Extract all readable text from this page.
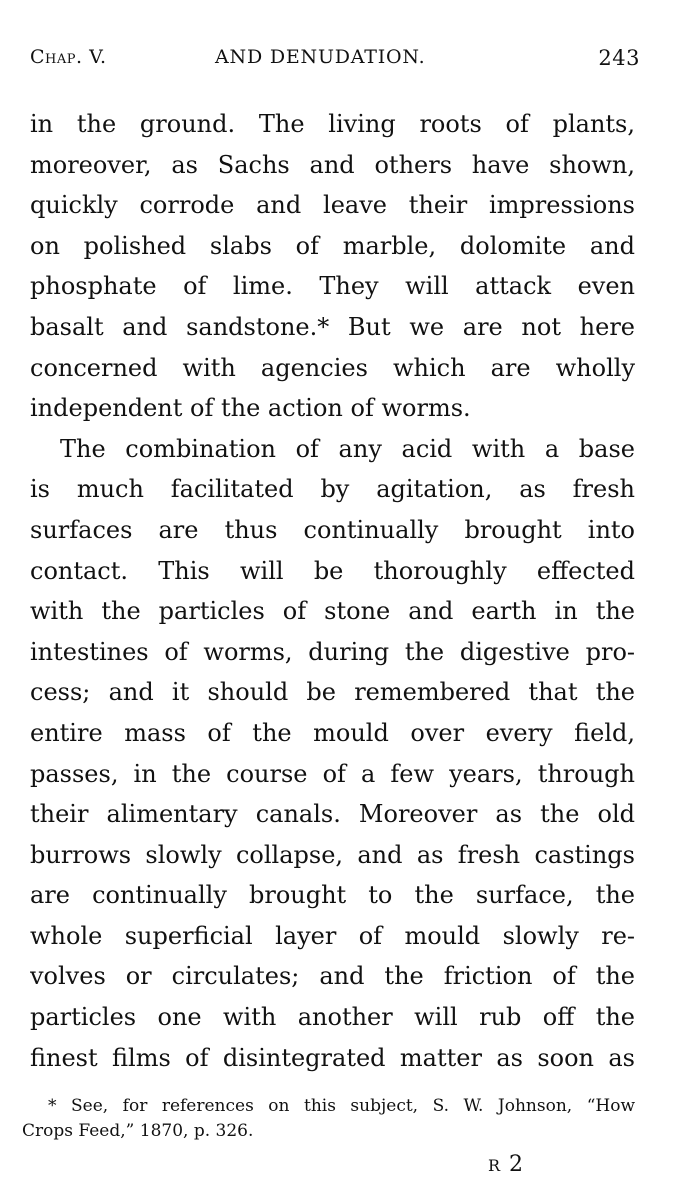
Chap. V.	AND DENUDATION.	243
in the ground. The living roots of plants,
moreover, as Sachs and others have shown,
quickly corrode and leave their impressions
on polished slabs of marble, dolomite and
phosphate of lime. They will attack even
basalt and sandstone.* But we are not here
concerned with agencies which are wholly
independent of the action of worms.
The combination of any acid with a base
is much facilitated by agitation, as fresh
surfaces are thus continually brought into
contact. This will be thoroughly effected
with the particles of stone and earth in the
intestines of worms, during the digestive pro-
cess; and it should be remembered that the
entire mass of the mould over every field,
passes, in the course of a few years, through
their alimentary canals. Moreover as the old
burrows slowly collapse, and as fresh castings
are continually brought to the surface, the
whole superficial layer of mould slowly re-
volves or circulates; and the friction of the
particles one with another will rub off the
finest films of disintegrated matter as soon as
* See, for references on this subject, S. W. Johnson, “How
Crops Feed,” 1870, p. 326.
R 2
